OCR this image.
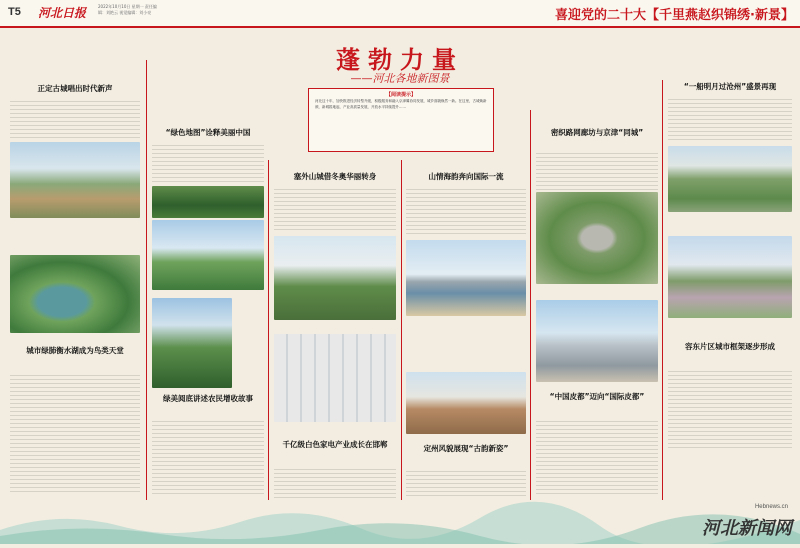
T5 河北日报	2022年10月10日 星期一 责任编辑：刘艳云 视觉编辑：刘小亮	喜迎党的二十大【千里燕赵织锦绣·新景】
蓬勃力量
——河北各地新图景
【阅读提示】
河北这十年，加快推进经济转型升级，积极服务和融入京津冀协同发展，城乡面貌焕然一新。在这里，古城焕新颜，新城拔地起，产业高质量发展，开放水平持续提升……
正定古城唱出时代新声
城市绿肺衡水湖成为鸟类天堂
“绿色地图”诠释美丽中国
绿美阅底讲述农民增收故事
塞外山城借冬奥华丽转身
千亿级白色家电产业成长在邯郸
山情海韵奔向国际一流
定州风貌展现“古韵新姿”
密织路网廊坊与京津“同城”
“中国皮都”迈向“国际皮都”
“一船明月过沧州”盛景再现
容东片区城市框架逐步形成
Hebnews.cn
河北新闻网
